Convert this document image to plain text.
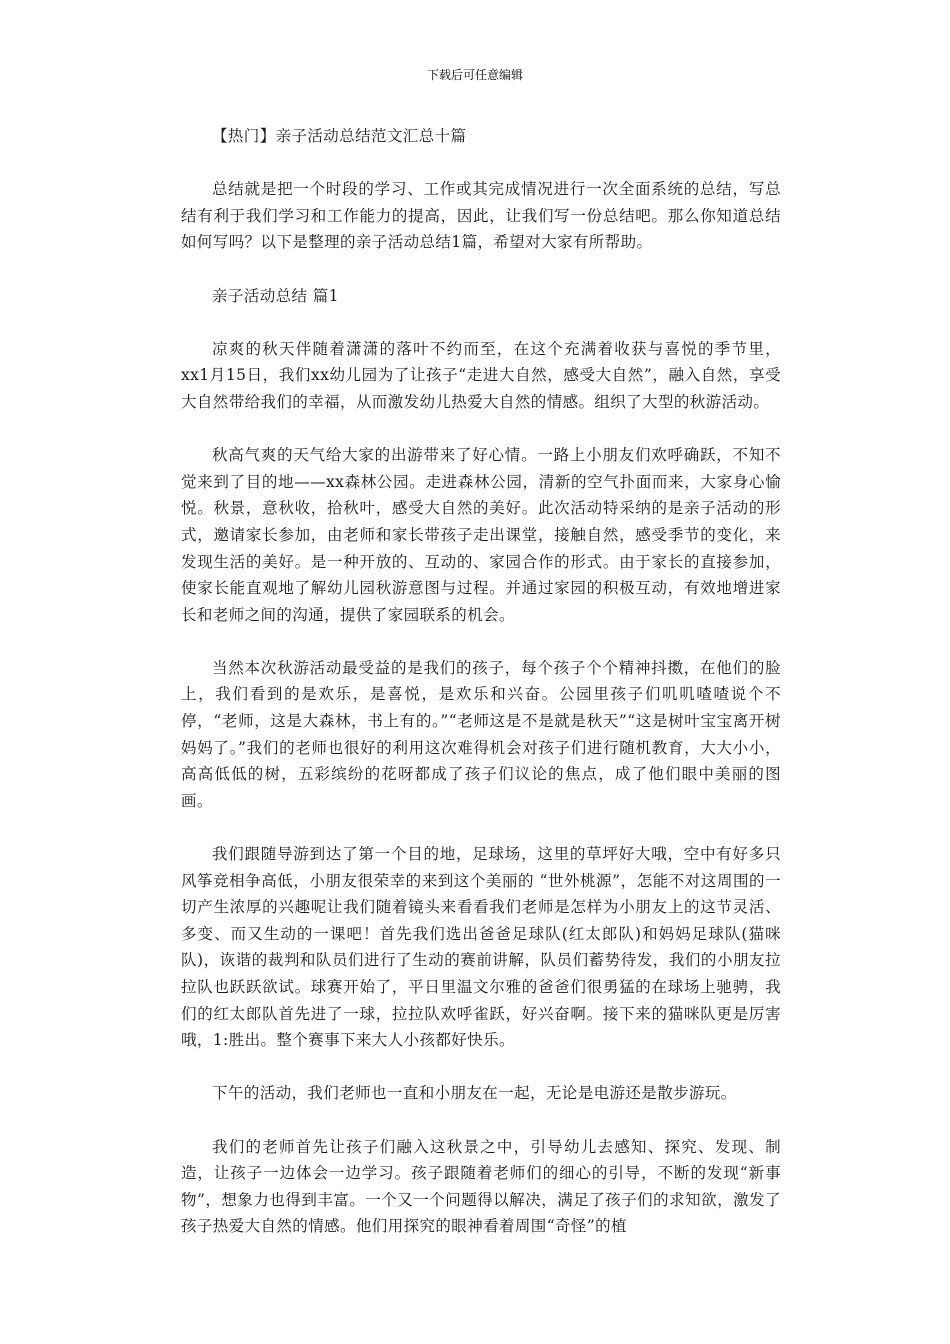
下载后可任意编辑

【热门】亲子活动总结范文汇总十篇

总结就是把一个时段的学习、工作或其完成情况进行一次全面系统的总结，写总结有利于我们学习和工作能力的提高，因此，让我们写一份总结吧。那么你知道总结如何写吗？以下是整理的亲子活动总结1篇，希望对大家有所帮助。

亲子活动总结 篇1

凉爽的秋天伴随着潇潇的落叶不约而至，在这个充满着收获与喜悦的季节里，xx1月15日，我们xx幼儿园为了让孩子“走进大自然，感受大自然”，融入自然，享受大自然带给我们的幸福，从而激发幼儿热爱大自然的情感。组织了大型的秋游活动。

秋高气爽的天气给大家的出游带来了好心情。一路上小朋友们欢呼确跃，不知不觉来到了目的地——xx森林公园。走进森林公园，清新的空气扑面而来，大家身心愉悦。秋景，意秋收，拾秋叶，感受大自然的美好。此次活动特采纳的是亲子活动的形式，邀请家长参加，由老师和家长带孩子走出课堂，接触自然，感受季节的变化，来发现生活的美好。是一种开放的、互动的、家园合作的形式。由于家长的直接参加，使家长能直观地了解幼儿园秋游意图与过程。并通过家园的积极互动，有效地增进家长和老师之间的沟通，提供了家园联系的机会。

当然本次秋游活动最受益的是我们的孩子，每个孩子个个精神抖擞，在他们的脸上，我们看到的是欢乐，是喜悦，是欢乐和兴奋。公园里孩子们叽叽喳喳说个不停，“老师，这是大森林，书上有的。”“老师这是不是就是秋天”“这是树叶宝宝离开树妈妈了。”我们的老师也很好的利用这次难得机会对孩子们进行随机教育，大大小小，高高低低的树，五彩缤纷的花呀都成了孩子们议论的焦点，成了他们眼中美丽的图画。

我们跟随导游到达了第一个目的地，足球场，这里的草坪好大哦，空中有好多只风筝竞相争高低，小朋友很荣幸的来到这个美丽的 “世外桃源”，怎能不对这周围的一切产生浓厚的兴趣呢让我们随着镜头来看看我们老师是怎样为小朋友上的这节灵活、多变、而又生动的一课吧！首先我们选出爸爸足球队(红太郎队)和妈妈足球队(猫咪队)，诙谐的裁判和队员们进行了生动的赛前讲解，队员们蓄势待发，我们的小朋友拉拉队也跃跃欲试。球赛开始了，平日里温文尔雅的爸爸们很勇猛的在球场上驰骋，我们的红太郎队首先进了一球，拉拉队欢呼雀跃，好兴奋啊。接下来的猫咪队更是厉害哦，1:胜出。整个赛事下来大人小孩都好快乐。

下午的活动，我们老师也一直和小朋友在一起，无论是电游还是散步游玩。

我们的老师首先让孩子们融入这秋景之中，引导幼儿去感知、探究、发现、制造，让孩子一边体会一边学习。孩子跟随着老师们的细心的引导，不断的发现“新事物”，想象力也得到丰富。一个又一个问题得以解决，满足了孩子们的求知欲，激发了孩子热爱大自然的情感。他们用探究的眼神看着周围“奇怪”的植
